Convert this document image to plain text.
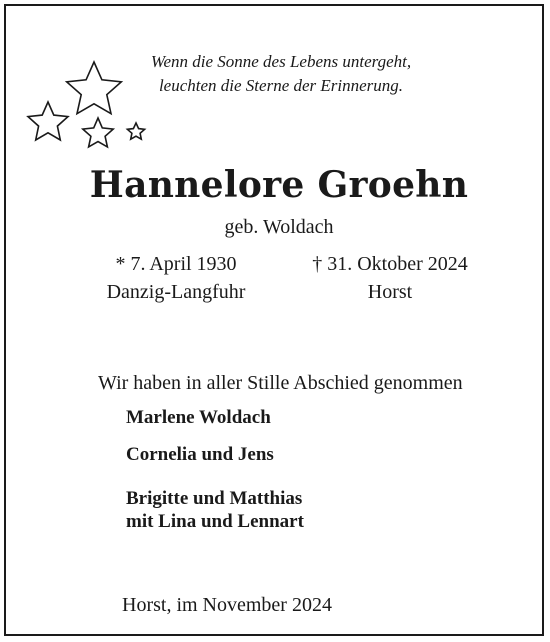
Wenn die Sonne des Lebens untergeht,
leuchten die Sterne der Erinnerung.
Hannelore Groehn
geb. Woldach
* 7. April 1930
Danzig-Langfuhr
† 31. Oktober 2024
Horst
Wir haben in aller Stille Abschied genommen
Marlene Woldach
Cornelia und Jens
Brigitte und Matthias
mit Lina und Lennart
Horst, im November 2024
